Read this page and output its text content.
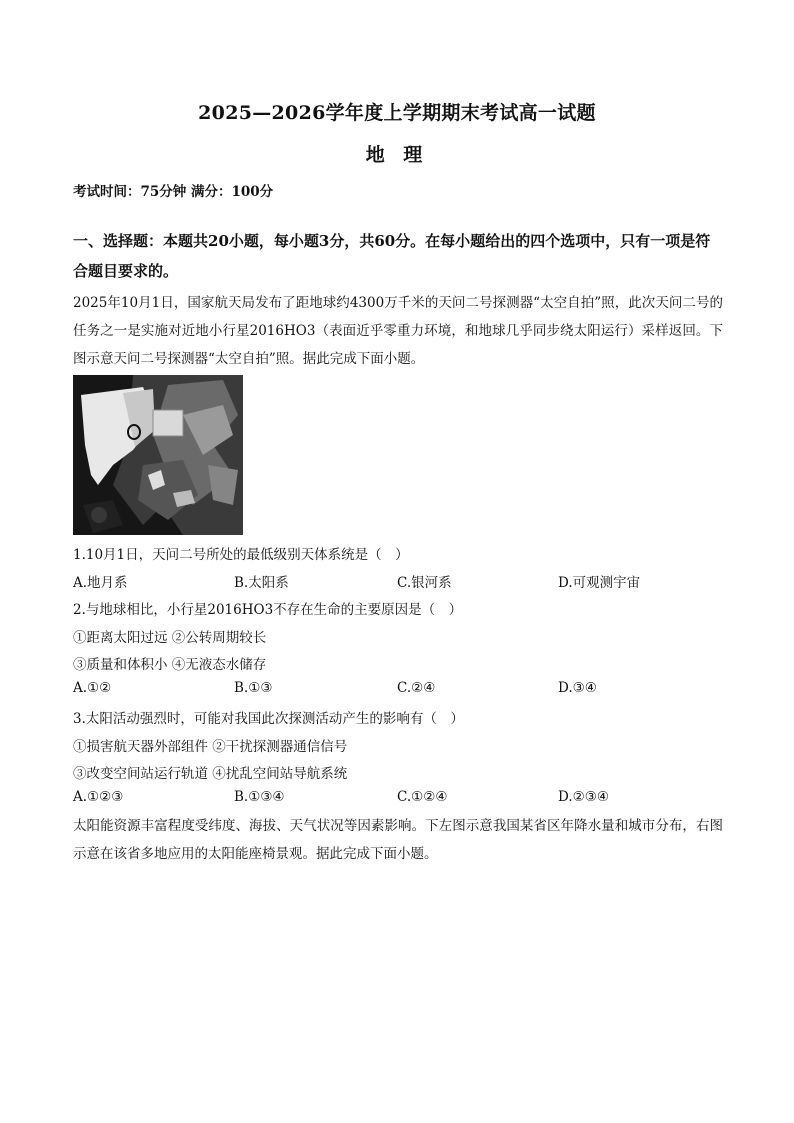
2025—2026学年度上学期期末考试高一试题
地 理
考试时间：75分钟 满分：100分
一、选择题：本题共20小题，每小题3分，共60分。在每小题给出的四个选项中，只有一项是符合题目要求的。
2025年10月1日，国家航天局发布了距地球约4300万千米的天问二号探测器“太空自拍”照，此次天问二号的任务之一是实施对近地小行星2016HO3（表面近乎零重力环境，和地球几乎同步绕太阳运行）采样返回。下图示意天问二号探测器“太空自拍”照。据此完成下面小题。
1.10月1日，天问二号所处的最低级别天体系统是（　）
A.地月系	B.太阳系	C.银河系	D.可观测宇宙
2.与地球相比，小行星2016HO3不存在生命的主要原因是（　）
①距离太阳过远 ②公转周期较长
③质量和体积小 ④无液态水储存
A.①②	B.①③	C.②④	D.③④
3.太阳活动强烈时，可能对我国此次探测活动产生的影响有（　）
①损害航天器外部组件 ②干扰探测器通信信号
③改变空间站运行轨道 ④扰乱空间站导航系统
A.①②③	B.①③④	C.①②④	D.②③④
太阳能资源丰富程度受纬度、海拔、天气状况等因素影响。下左图示意我国某省区年降水量和城市分布，右图示意在该省多地应用的太阳能座椅景观。据此完成下面小题。
